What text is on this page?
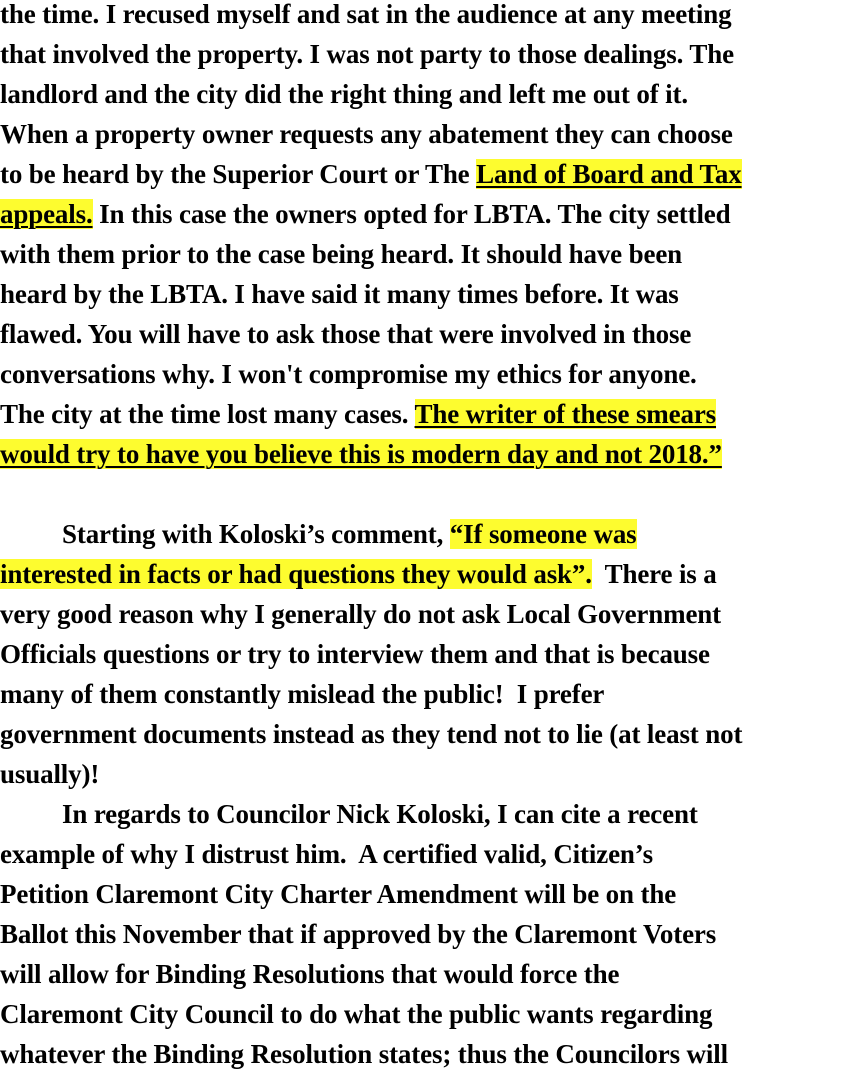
the time. I recused myself and sat in the audience at any meeting
that involved the property. I was not party to those dealings. The
landlord and the city did the right thing and left me out of it.
When a property owner requests any abatement they can choose
to be heard by the Superior Court or The Land of Board and Tax
appeals. In this case the owners opted for LBTA. The city settled
with them prior to the case being heard. It should have been
heard by the LBTA. I have said it many times before. It was
flawed. You will have to ask those that were involved in those
conversations why. I won't compromise my ethics for anyone.
The city at the time lost many cases. The writer of these smears
would try to have you believe this is modern day and not 2018.”
Starting with Koloski’s comment, “If someone was
interested in facts or had questions they would ask”.  There is a
very good reason why I generally do not ask Local Government
Officials questions or try to interview them and that is because
many of them constantly mislead the public!  I prefer
government documents instead as they tend not to lie (at least not
usually)!
In regards to Councilor Nick Koloski, I can cite a recent
example of why I distrust him.  A certified valid, Citizen’s
Petition Claremont City Charter Amendment will be on the
Ballot this November that if approved by the Claremont Voters
will allow for Binding Resolutions that would force the
Claremont City Council to do what the public wants regarding
whatever the Binding Resolution states; thus the Councilors will
